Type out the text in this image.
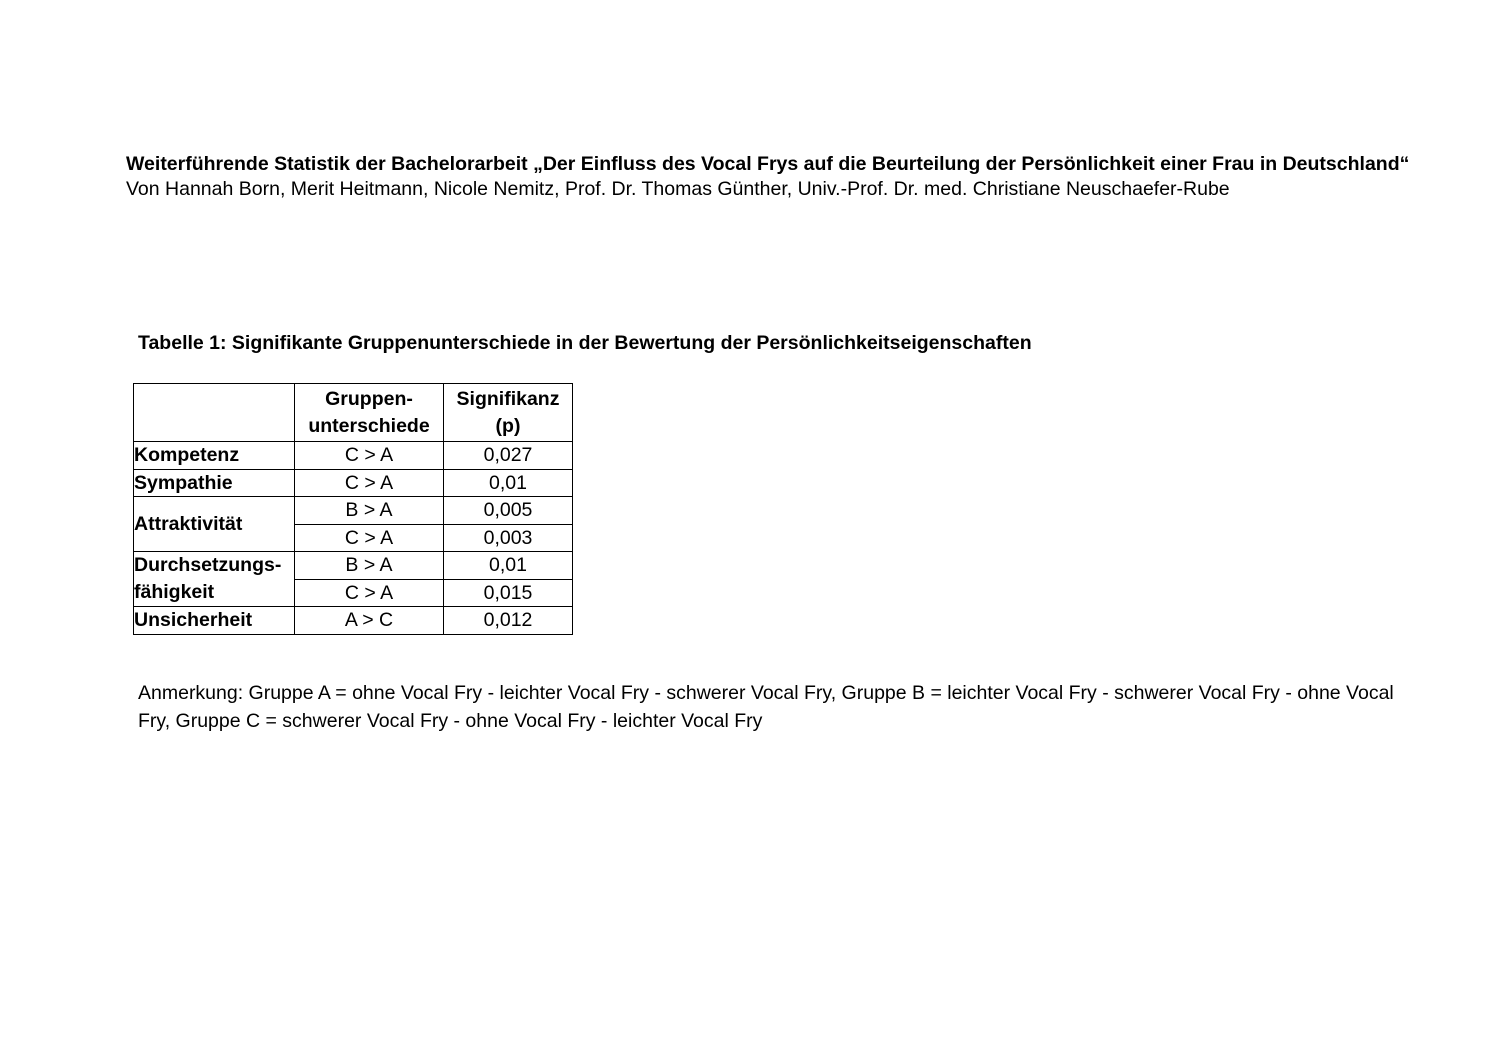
Weiterführende Statistik der Bachelorarbeit „Der Einfluss des Vocal Frys auf die Beurteilung der Persönlichkeit einer Frau in Deutschland“

Von Hannah Born, Merit Heitmann, Nicole Nemitz, Prof. Dr. Thomas Günther, Univ.-Prof. Dr. med. Christiane Neuschaefer-Rube

Tabelle 1: Signifikante Gruppenunterschiede in der Bewertung der Persönlichkeitseigenschaften

	Gruppen-
unterschiede	Signifikanz
(p)

Kompetenz	C > A	0,027
Sympathie	C > A	0,01
Attraktivität	B > A	0,005
	C > A	0,003

Durchsetzungs-
fähigkeit	B > A	0,01
	C > A	0,015
Unsicherheit	A > C	0,012

Anmerkung: Gruppe A = ohne Vocal Fry - leichter Vocal Fry - schwerer Vocal Fry, Gruppe B = leichter Vocal Fry - schwerer Vocal Fry - ohne Vocal Fry, Gruppe C = schwerer Vocal Fry - ohne Vocal Fry - leichter Vocal Fry
